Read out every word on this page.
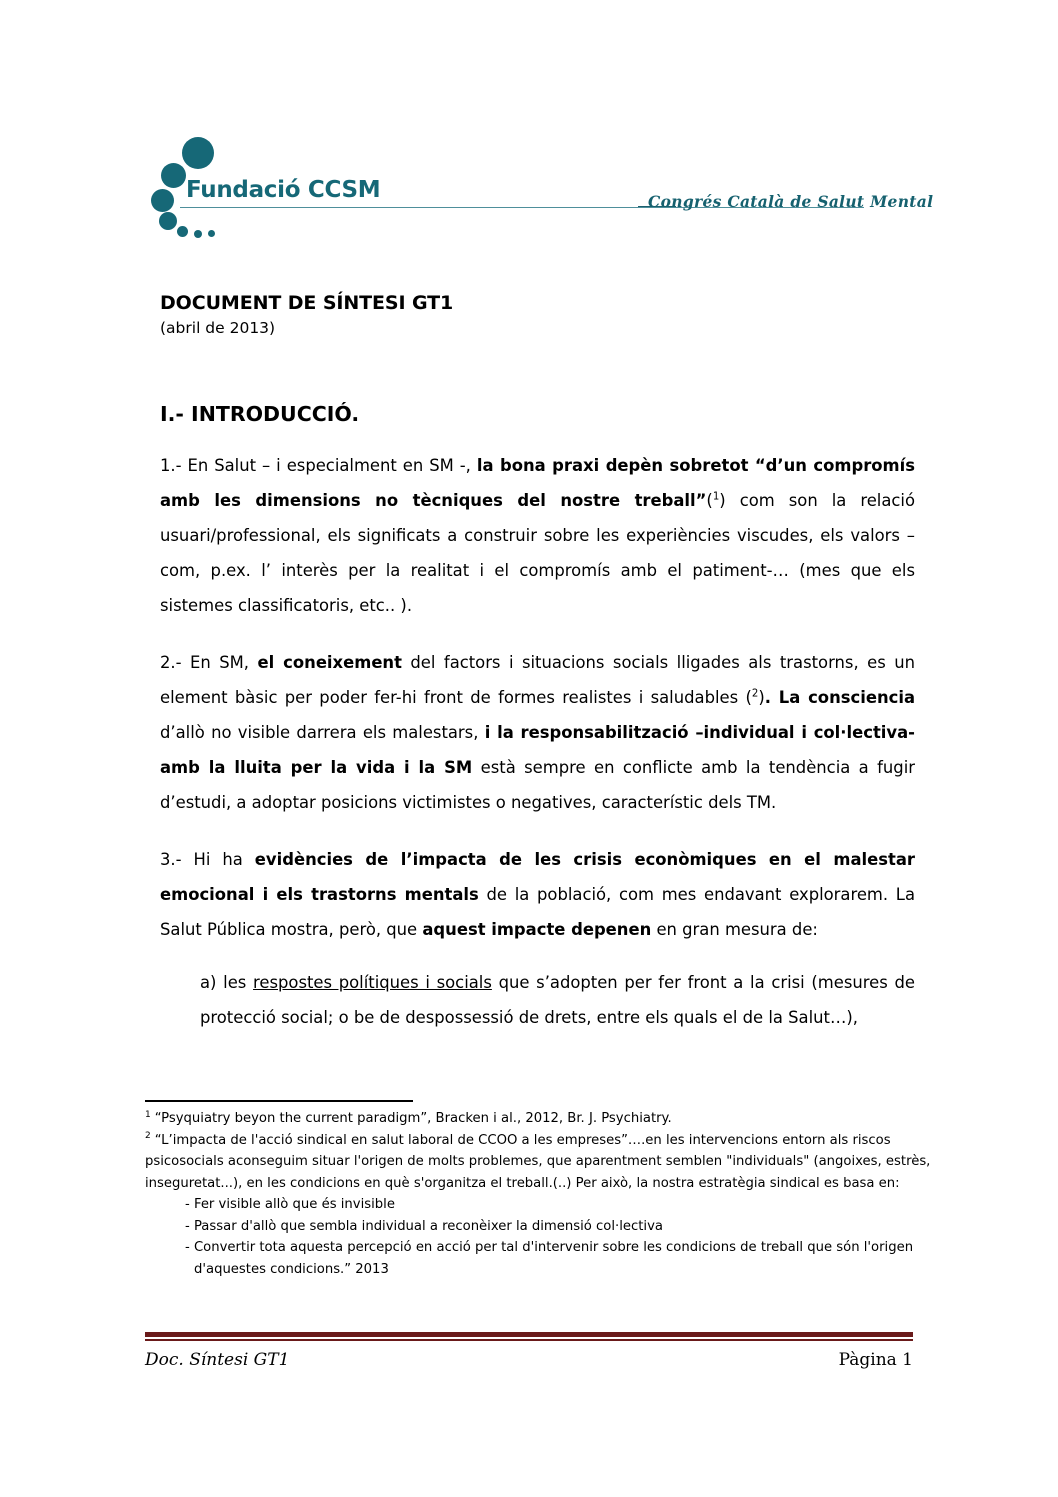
Fundació CCSM	Congrés Català de Salut Mental
DOCUMENT DE SÍNTESI GT1

(abril de 2013)

I.- INTRODUCCIÓ.

1.- En Salut – i especialment en SM -, la bona praxi depèn sobretot “d’un compromís amb les dimensions no tècniques del nostre treball”($^1$) com son la relació usuari/professional, els significats a construir sobre les experiències viscudes, els valors –com, p.ex. l’ interès per la realitat i el compromís amb el patiment-… (mes que els sistemes classificatoris, etc.. ).

2.- En SM, el coneixement del factors i situacions socials lligades als trastorns, es un element bàsic per poder fer-hi front de formes realistes i saludables ($^2$). La consciencia d’allò no visible darrera els malestars, i la responsabilització –individual i col·lectiva- amb la lluita per la vida i la SM està sempre en conflicte amb la tendència a fugir d’estudi, a adoptar posicions victimistes o negatives, característic dels TM.

3.- Hi ha evidències de l’impacta de les crisis econòmiques en el malestar emocional i els trastorns mentals de la població, com mes endavant explorarem. La Salut Pública mostra, però, que aquest impacte depenen en gran mesura de:

a) les respostes polítiques i socials que s’adopten per fer front a la crisi (mesures de protecció social; o be de despossessió de drets, entre els quals el de la Salut…),

$^1$ “Psyquiatry beyon the current paradigm”, Bracken i al., 2012, Br. J. Psychiatry.

$^2$ “L’impacta de l'acció sindical en salut laboral de CCOO a les empreses”….en les intervencions entorn als riscos psicosocials aconseguim situar l'origen de molts problemes, que aparentment semblen "individuals" (angoixes, estrès, inseguretat...), en les condicions en què s'organitza el treball.(..) Per això, la nostra estratègia sindical es basa en:

- Fer visible allò que és invisible
- Passar d'allò que sembla individual a reconèixer la dimensió col·lectiva
- Convertir tota aquesta percepció en acció per tal d'intervenir sobre les condicions de treball que són l'origen d'aquestes condicions.” 2013
Doc. Síntesi GT1	Pàgina 1
